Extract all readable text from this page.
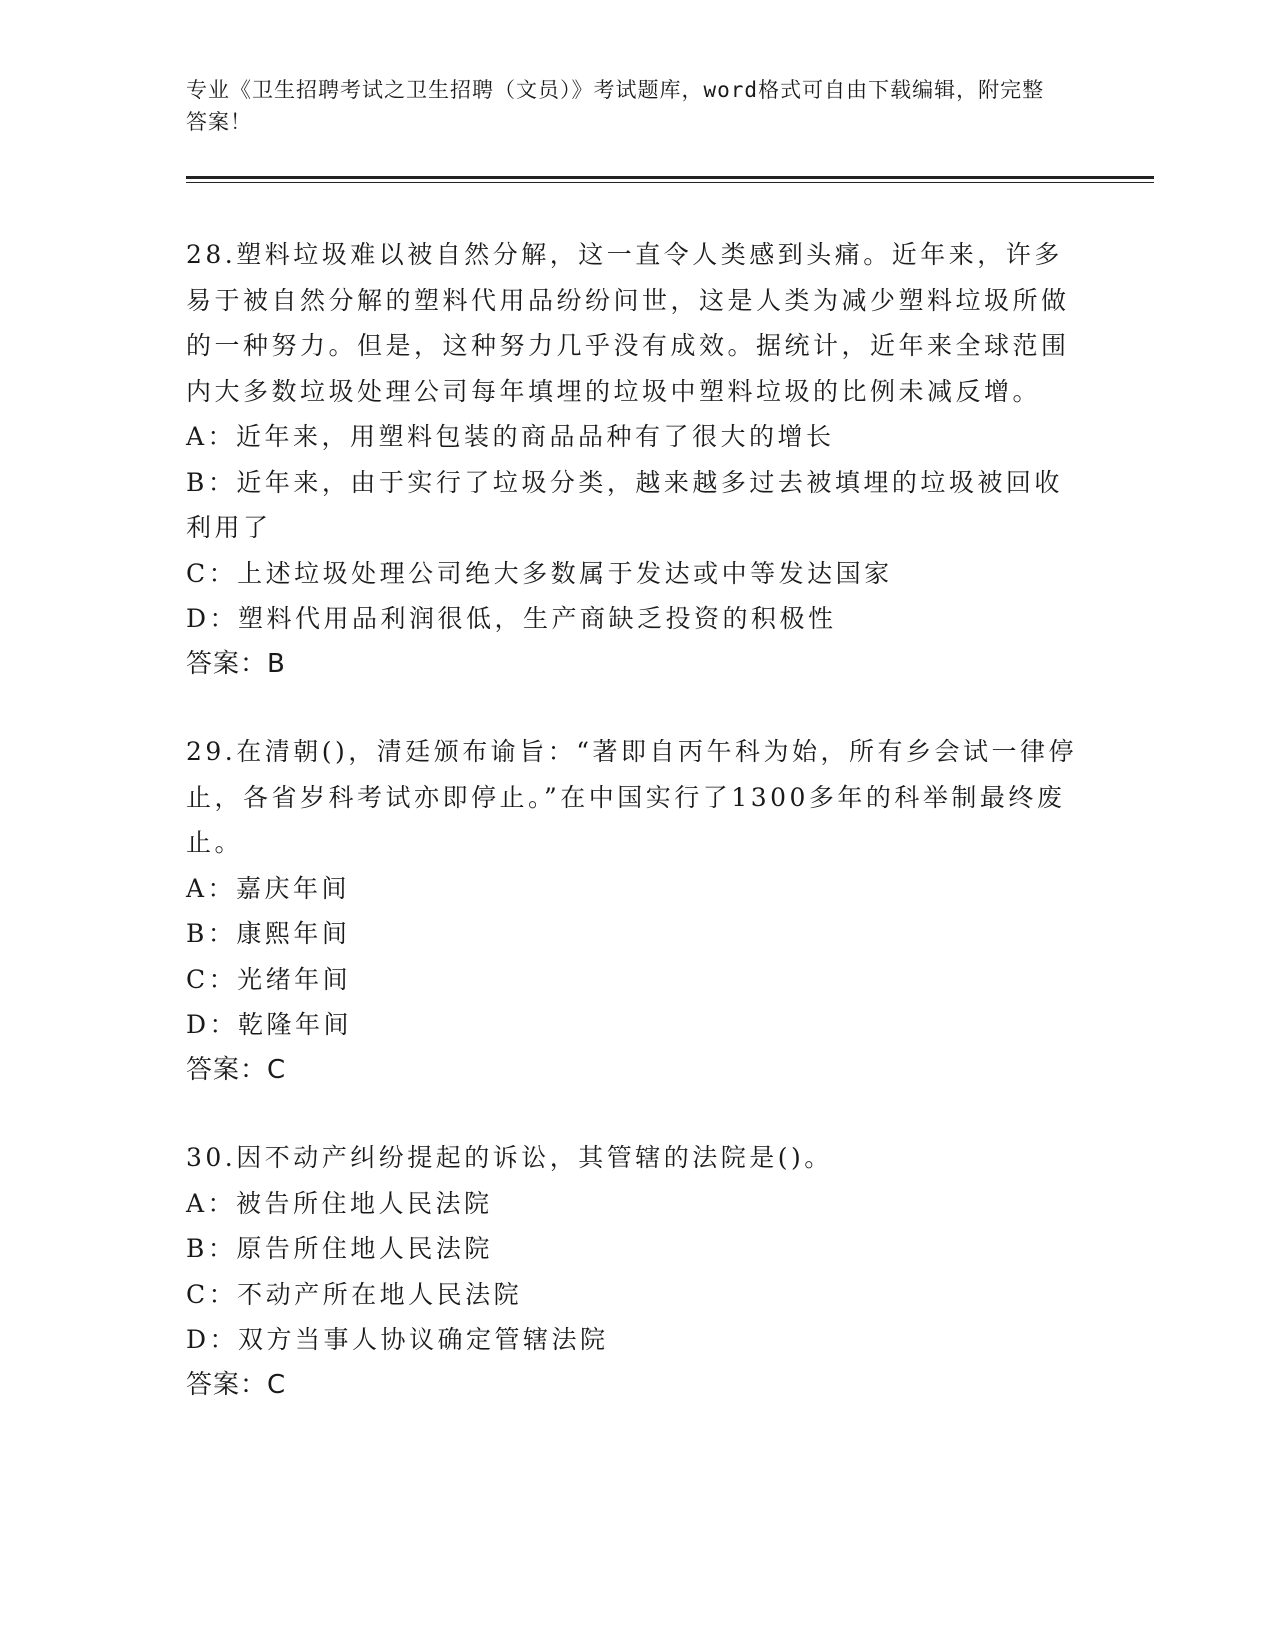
专业《卫生招聘考试之卫生招聘（文员）》考试题库，word格式可自由下载编辑，附完整答案！

28.塑料垃圾难以被自然分解，这一直令人类感到头痛。近年来，许多易于被自然分解的塑料代用品纷纷问世，这是人类为减少塑料垃圾所做的一种努力。但是，这种努力几乎没有成效。据统计，近年来全球范围内大多数垃圾处理公司每年填埋的垃圾中塑料垃圾的比例未减反增。

A：近年来，用塑料包装的商品品种有了很大的增长

B：近年来，由于实行了垃圾分类，越来越多过去被填埋的垃圾被回收利用了

C：上述垃圾处理公司绝大多数属于发达或中等发达国家

D：塑料代用品利润很低，生产商缺乏投资的积极性

答案：B

29.在清朝()，清廷颁布谕旨：“著即自丙午科为始，所有乡会试一律停止，各省岁科考试亦即停止。”在中国实行了1300多年的科举制最终废止。

A：嘉庆年间

B：康熙年间

C：光绪年间

D：乾隆年间

答案：C

30.因不动产纠纷提起的诉讼，其管辖的法院是()。

A：被告所住地人民法院

B：原告所住地人民法院

C：不动产所在地人民法院

D：双方当事人协议确定管辖法院

答案：C
